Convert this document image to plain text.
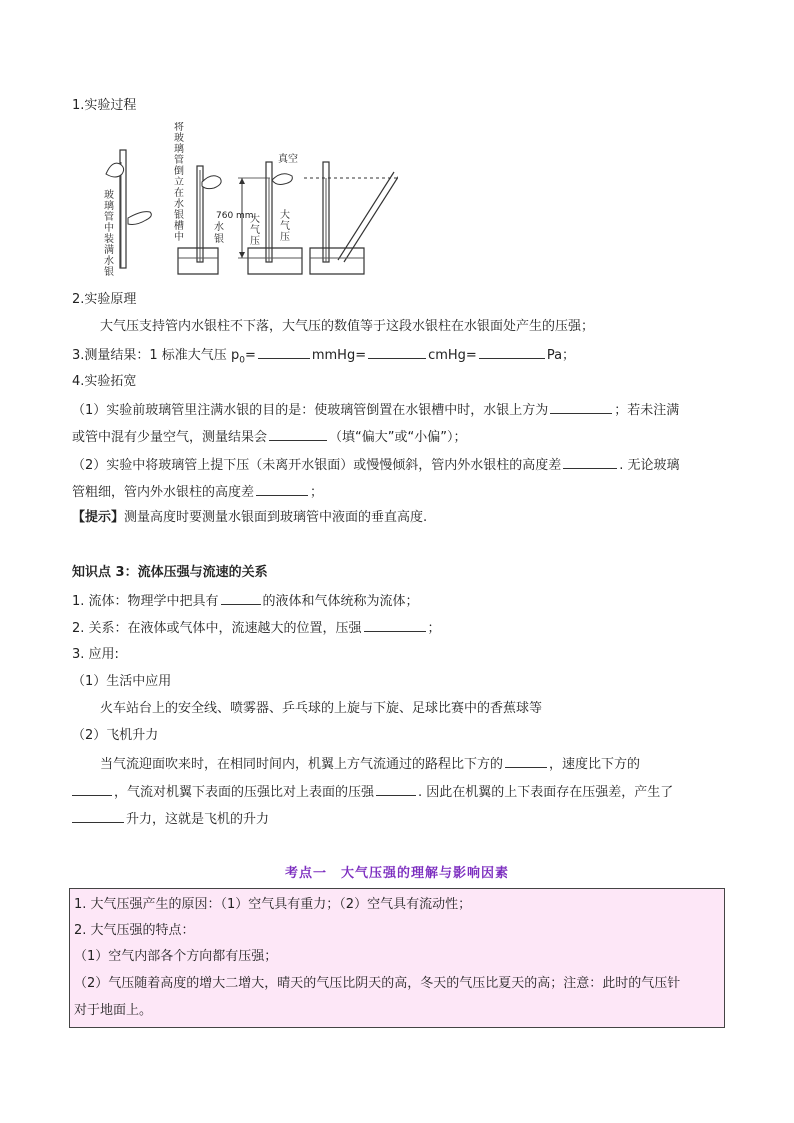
1.实验过程
玻
璃
管
中
装
满
水
银
将
玻
璃
管
倒
立
在
水
银
槽
中
水
银
760 mm
真 空
大
气
压
大
气
压
2.实验原理
大气压支持管内水银柱不下落，大气压的数值等于这段水银柱在水银面处产生的压强；
3.测量结果：1 标准大气压 $p_0=$	mmHg=	cmHg=	Pa；
4.实验拓宽
（1）实验前玻璃管里注满水银的目的是：使玻璃管倒置在水银槽中时，水银上方为	；若未注满
或管中混有少量空气，测量结果会	（填“偏大”或“小偏”）；
（2）实验中将玻璃管上提下压（未离开水银面）或慢慢倾斜，管内外水银柱的高度差	. 无论玻璃
管粗细，管内外水银柱的高度差	；
【提示】测量高度时要测量水银面到玻璃管中液面的垂直高度.
知识点 3：流体压强与流速的关系
1. 流体：物理学中把具有	的液体和气体统称为流体；
2. 关系：在液体或气体中，流速越大的位置，压强	；
3. 应用:
（1）生活中应用
火车站台上的安全线、喷雾器、乒乓球的上旋与下旋、足球比赛中的香蕉球等
（2）飞机升力
当气流迎面吹来时，在相同时间内，机翼上方气流通过的路程比下方的	，速度比下方的
，气流对机翼下表面的压强比对上表面的压强	. 因此在机翼的上下表面存在压强差，产生了
升力，这就是飞机的升力
考点一　大气压强的理解与影响因素
1. 大气压强产生的原因：（1）空气具有重力；（2）空气具有流动性；
2. 大气压强的特点：
（1）空气内部各个方向都有压强；
（2）气压随着高度的增大二增大，晴天的气压比阴天的高，冬天的气压比夏天的高；注意：此时的气压针
对于地面上。
